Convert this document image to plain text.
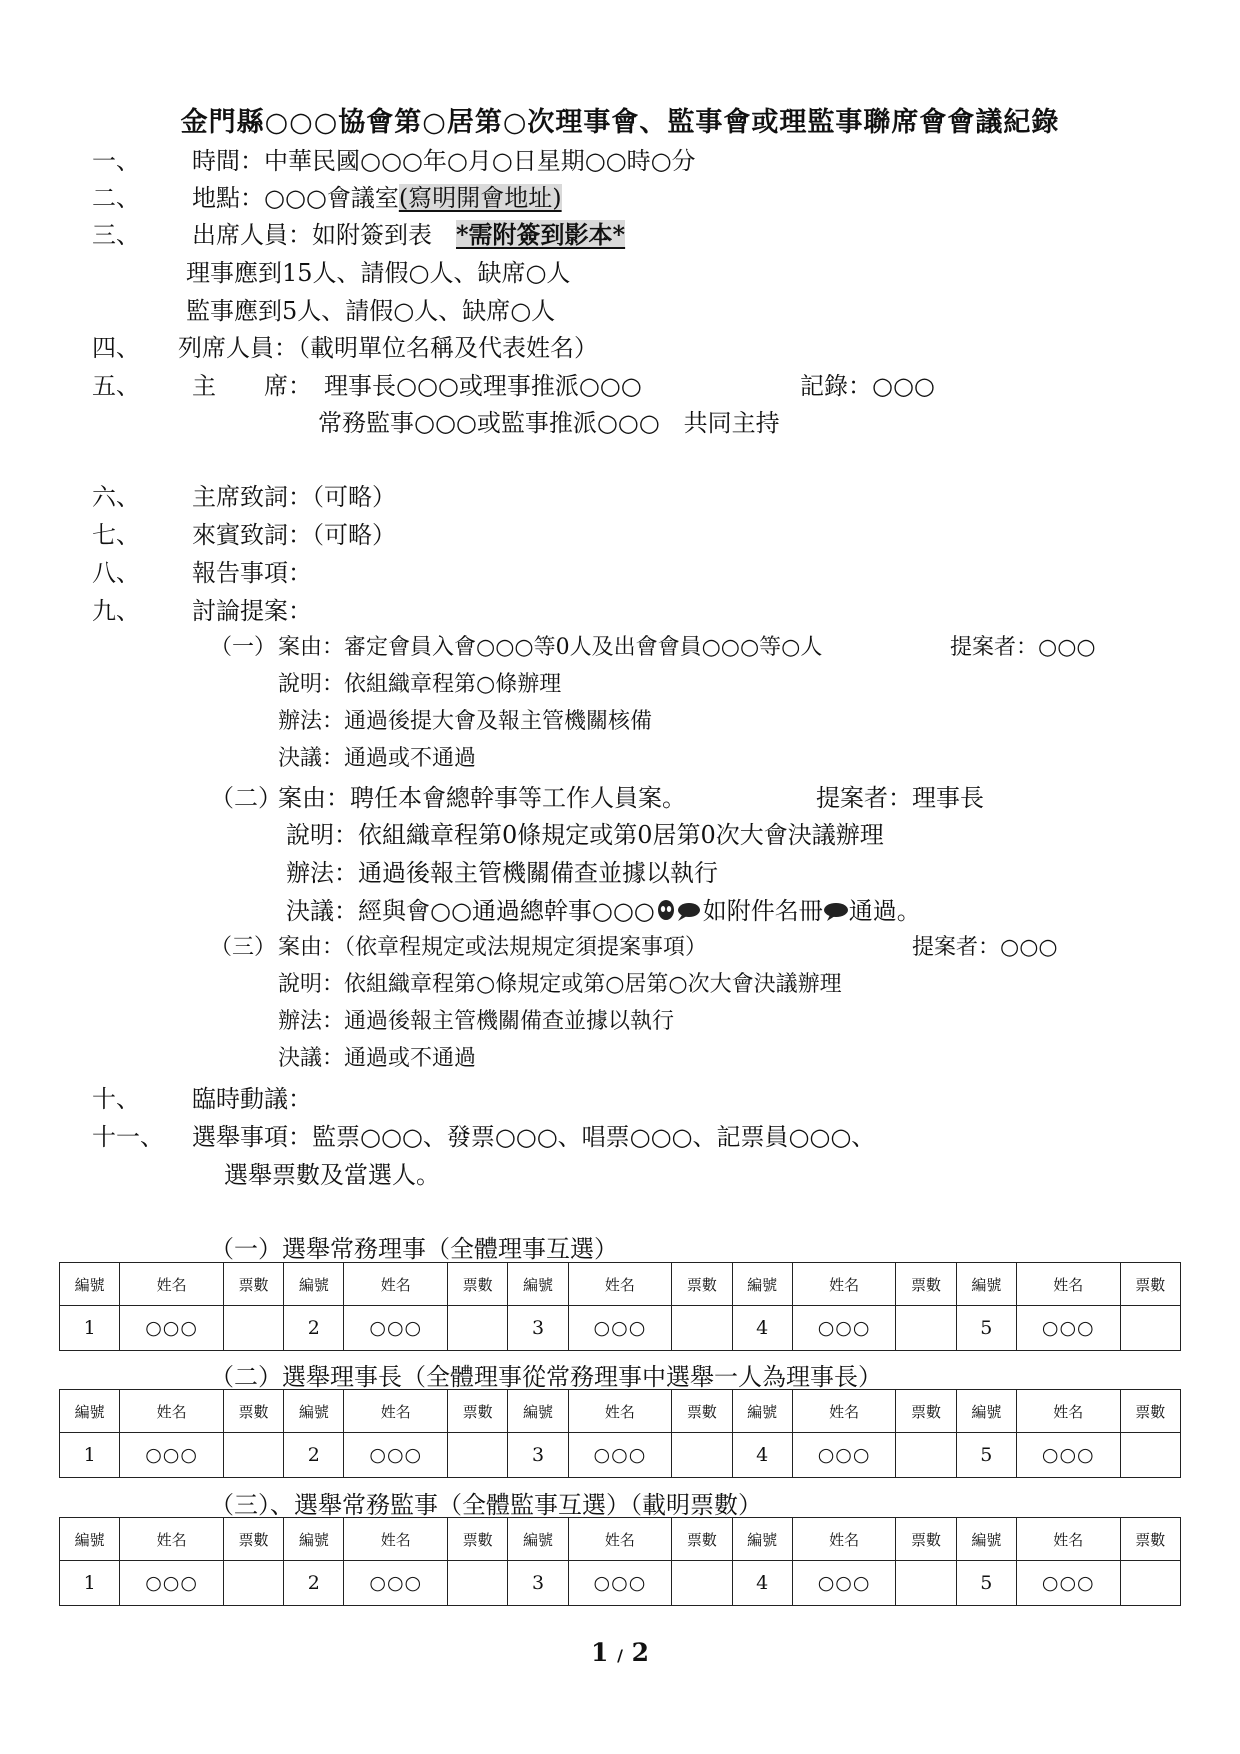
金門縣○○○協會第○居第○次理事會、監事會或理監事聯席會會議紀錄
一、 時間：中華民國○○○年○月○日星期○○時○分
二、 地點：○○○會議室(寫明開會地址)
三、 出席人員：如附簽到表　 *需附簽到影本*
理事應到15人、請假○人、缺席○人
監事應到5人、請假○人、缺席○人
四、 列席人員：（載明單位名稱及代表姓名）
五、 主　　席： 理事長○○○或理事推派○○○	記錄：○○○
常務監事○○○或監事推派○○○　共同主持
六、 主席致詞：（可略）
七、 來賓致詞：（可略）
八、 報告事項：
九、 討論提案：
（一） 案由：審定會員入會○○○等0人及出會會員○○○等○人	提案者：○○○
說明：依組織章程第○條辦理
辦法：通過後提大會及報主管機關核備
決議：通過或不通過
（二）
案由：聘任本會總幹事等工作人員案。	提案者：理事長
說明：依組織章程第0條規定或第0居第0次大會決議辦理
辦法：通過後報主管機關備查並據以執行
決議：經與會○○通過總幹事○○○ 如附件名冊 通過。
（三） 案由：（依章程規定或法規規定須提案事項）	提案者：○○○
說明：依組織章程第○條規定或第○居第○次大會決議辦理
辦法：通過後報主管機關備查並據以執行
決議：通過或不通過
十、 臨時動議：
十一、 選舉事項：監票○○○、發票○○○、唱票○○○、記票員○○○、
選舉票數及當選人。
（一）選舉常務理事（全體理事互選）
（二）選舉理事長（全體理事從常務理事中選舉一人為理事長）
（三）、選舉常務監事（全體監事互選）（載明票數）
編號	姓名	票數	編號	姓名	票數	編號	姓名	票數	編號	姓名	票數	編號	姓名	票數
1	○○○		2	○○○		3	○○○		4	○○○		5	○○○	
編號	姓名	票數	編號	姓名	票數	編號	姓名	票數	編號	姓名	票數	編號	姓名	票數
1	○○○		2	○○○		3	○○○		4	○○○		5	○○○	
編號	姓名	票數	編號	姓名	票數	編號	姓名	票數	編號	姓名	票數	編號	姓名	票數
1	○○○		2	○○○		3	○○○		4	○○○		5	○○○	
1 / 2
